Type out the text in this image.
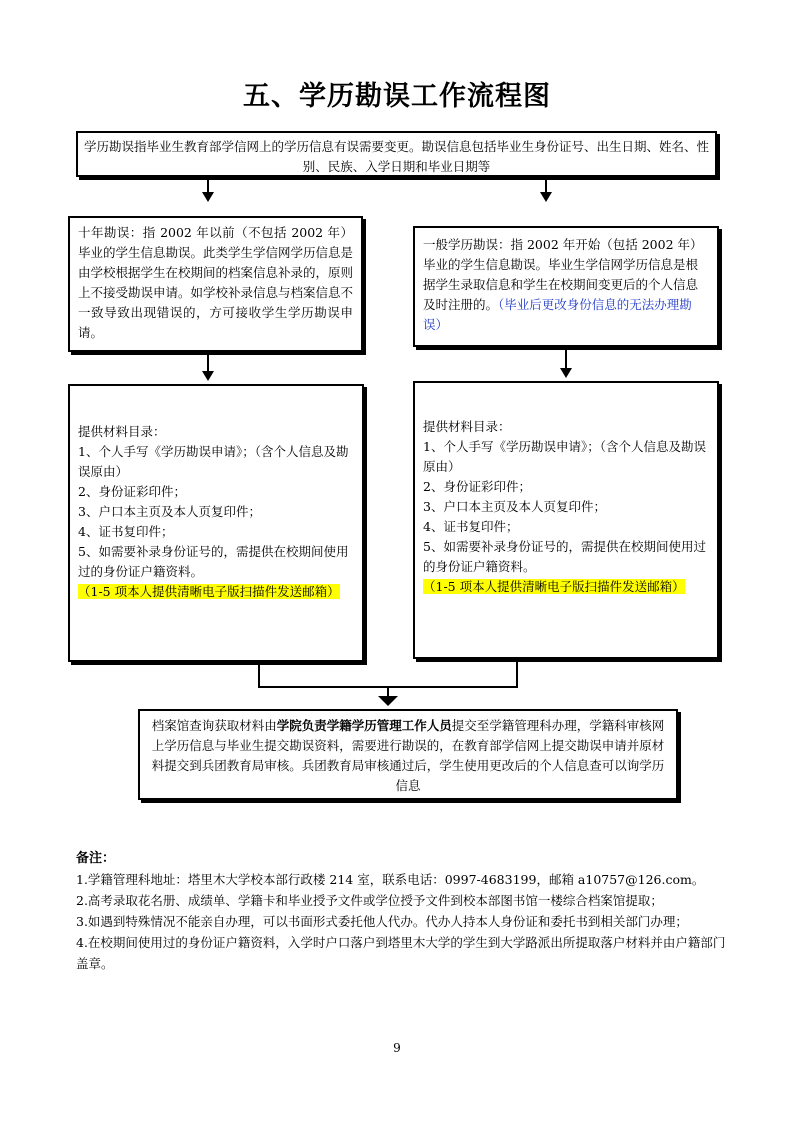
五、学历勘误工作流程图
学历勘误指毕业生教育部学信网上的学历信息有误需要变更。勘误信息包括毕业生身份证号、出生日期、姓名、性别、民族、入学日期和毕业日期等
十年勘误：指 2002 年以前（不包括 2002 年）毕业的学生信息勘误。此类学生学信网学历信息是由学校根据学生在校期间的档案信息补录的，原则上不接受勘误申请。如学校补录信息与档案信息不一致导致出现错误的，方可接收学生学历勘误申请。
一般学历勘误：指 2002 年开始（包括 2002 年）毕业的学生信息勘误。毕业生学信网学历信息是根据学生录取信息和学生在校期间变更后的个人信息及时注册的。（毕业后更改身份信息的无法办理勘误）

提供材料目录：

1、个人手写《学历勘误申请》；（含个人信息及勘误原由）

2、身份证彩印件；

3、户口本主页及本人页复印件；

4、证书复印件；

5、如需要补录身份证号的，需提供在校期间使用过的身份证户籍资料。

（1-5 项本人提供清晰电子版扫描件发送邮箱）

提供材料目录：

1、个人手写《学历勘误申请》；（含个人信息及勘误原由）

2、身份证彩印件；

3、户口本主页及本人页复印件；

4、证书复印件；

5、如需要补录身份证号的，需提供在校期间使用过的身份证户籍资料。

（1-5 项本人提供清晰电子版扫描件发送邮箱）

档案馆查询获取材料由学院负责学籍学历管理工作人员提交至学籍管理科办理，学籍科审核网上学历信息与毕业生提交勘误资料，需要进行勘误的，在教育部学信网上提交勘误申请并原材料提交到兵团教育局审核。兵团教育局审核通过后，学生使用更改后的个人信息查可以询学历信息

备注：

1.学籍管理科地址：塔里木大学校本部行政楼 214 室，联系电话：0997-4683199，邮箱 a10757@126.com。

2.高考录取花名册、成绩单、学籍卡和毕业授予文件或学位授予文件到校本部图书馆一楼综合档案馆提取；

3.如遇到特殊情况不能亲自办理，可以书面形式委托他人代办。代办人持本人身份证和委托书到相关部门办理；

4.在校期间使用过的身份证户籍资料，入学时户口落户到塔里木大学的学生到大学路派出所提取落户材料并由户籍部门盖章。

9
